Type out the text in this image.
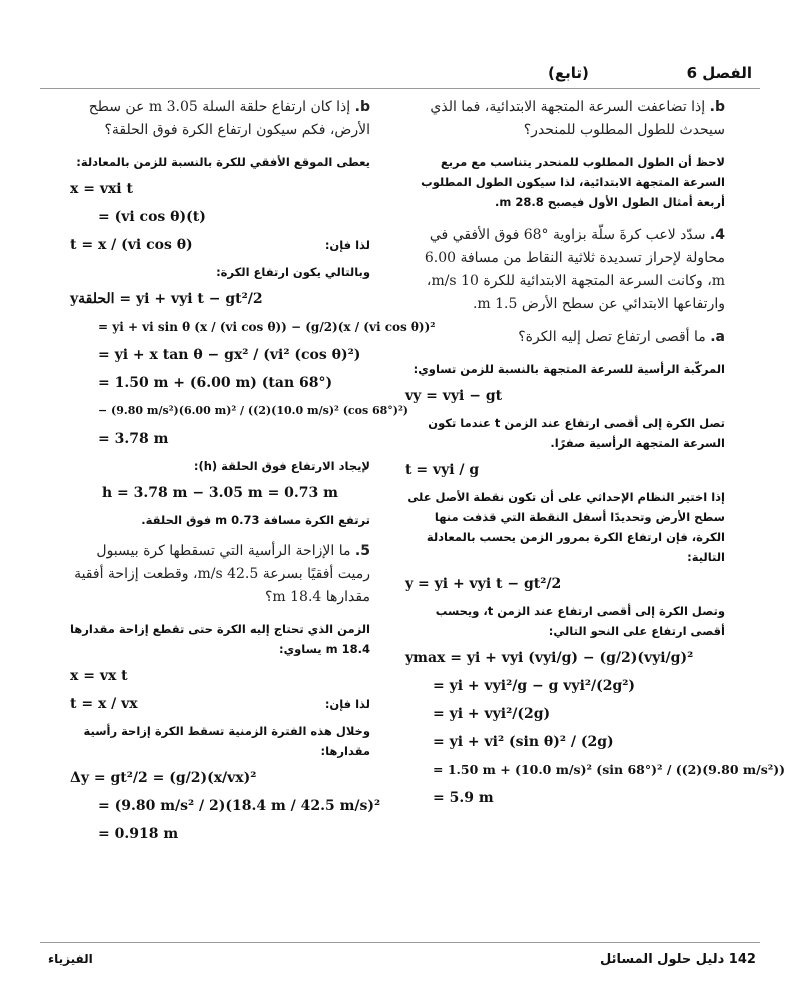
الفصل 6
(تابع)

b. إذا تضاعفت السرعة المتجهة الابتدائية، فما الذي سيحدث للطول المطلوب للمنحدر؟

لاحظ أن الطول المطلوب للمنحدر يتناسب مع مربع السرعة المتجهة الابتدائية، لذا سيكون الطول المطلوب أربعة أمثال الطول الأول فيصبح 28.8 m.

4. سدّد لاعب كرةَ سلّة بزاوية °68 فوق الأفقي في محاولة لإحراز تسديدة ثلاثية النقاط من مسافة 6.00 m، وكانت السرعة المتجهة الابتدائية للكرة 10 m/s، وارتفاعها الابتدائي عن سطح الأرض 1.5 m.

a. ما أقصى ارتفاع تصل إليه الكرة؟

المركّبة الرأسية للسرعة المتجهة بالنسبة للزمن تساوي:

vy = vyi − gt

تصل الكرة إلى أقصى ارتفاع عند الزمن t عندما تكون السرعة المتجهة الرأسية صفرًا.

t = vyi / g

إذا اختير النظام الإحداثي على أن تكون نقطة الأصل على سطح الأرض وتحديدًا أسفل النقطة التي قذفت منها الكرة، فإن ارتفاع الكرة بمرور الزمن يحسب بالمعادلة التالية:

y = yi + vyi t − gt²/2

وتصل الكرة إلى أقصى ارتفاع عند الزمن t، ويحسب أقصى ارتفاع على النحو التالي:

ymax = yi + vyi (vyi/g) − (g/2)(vyi/g)²
= yi + vyi²/g − g vyi²/(2g²)
= yi + vyi²/(2g)
= yi + vi² (sin θ)² / (2g)
= 1.50 m + (10.0 m/s)² (sin 68°)² / ((2)(9.80 m/s²))
= 5.9 m

b. إذا كان ارتفاع حلقة السلة 3.05 m عن سطح الأرض، فكم سيكون ارتفاع الكرة فوق الحلقة؟

يعطى الموقع الأفقي للكرة بالنسبة للزمن بالمعادلة:

x = vxi t
= (vi cos θ)(t)
t = x / (vi cos θ)	لذا فإن:

وبالتالي يكون ارتفاع الكرة:

yالحلقة = yi + vyi t − gt²/2
= yi + vi sin θ (x / (vi cos θ)) − (g/2)(x / (vi cos θ))²
= yi + x tan θ − gx² / (vi² (cos θ)²)
= 1.50 m + (6.00 m) (tan 68°)
− (9.80 m/s²)(6.00 m)² / ((2)(10.0 m/s)² (cos 68°)²)
= 3.78 m

لإيجاد الارتفاع فوق الحلقة (h):

h = 3.78 m − 3.05 m = 0.73 m

ترتفع الكرة مسافة 0.73 m فوق الحلقة.

5. ما الإزاحة الرأسية التي تسقطها كرة بيسبول رميت أفقيًا بسرعة 42.5 m/s، وقطعت إزاحة أفقية مقدارها 18.4 m؟

الزمن الذي تحتاج إليه الكرة حتى تقطع إزاحة مقدارها 18.4 m يساوي:

x = vx t
t = x / vx	لذا فإن:

وخلال هذه الفترة الزمنية تسقط الكرة إزاحة رأسية مقدارها:

Δy = gt²/2 = (g/2)(x/vx)²
= (9.80 m/s² / 2)(18.4 m / 42.5 m/s)²
= 0.918 m
142 دليل حلول المسائل
الفيزياء
